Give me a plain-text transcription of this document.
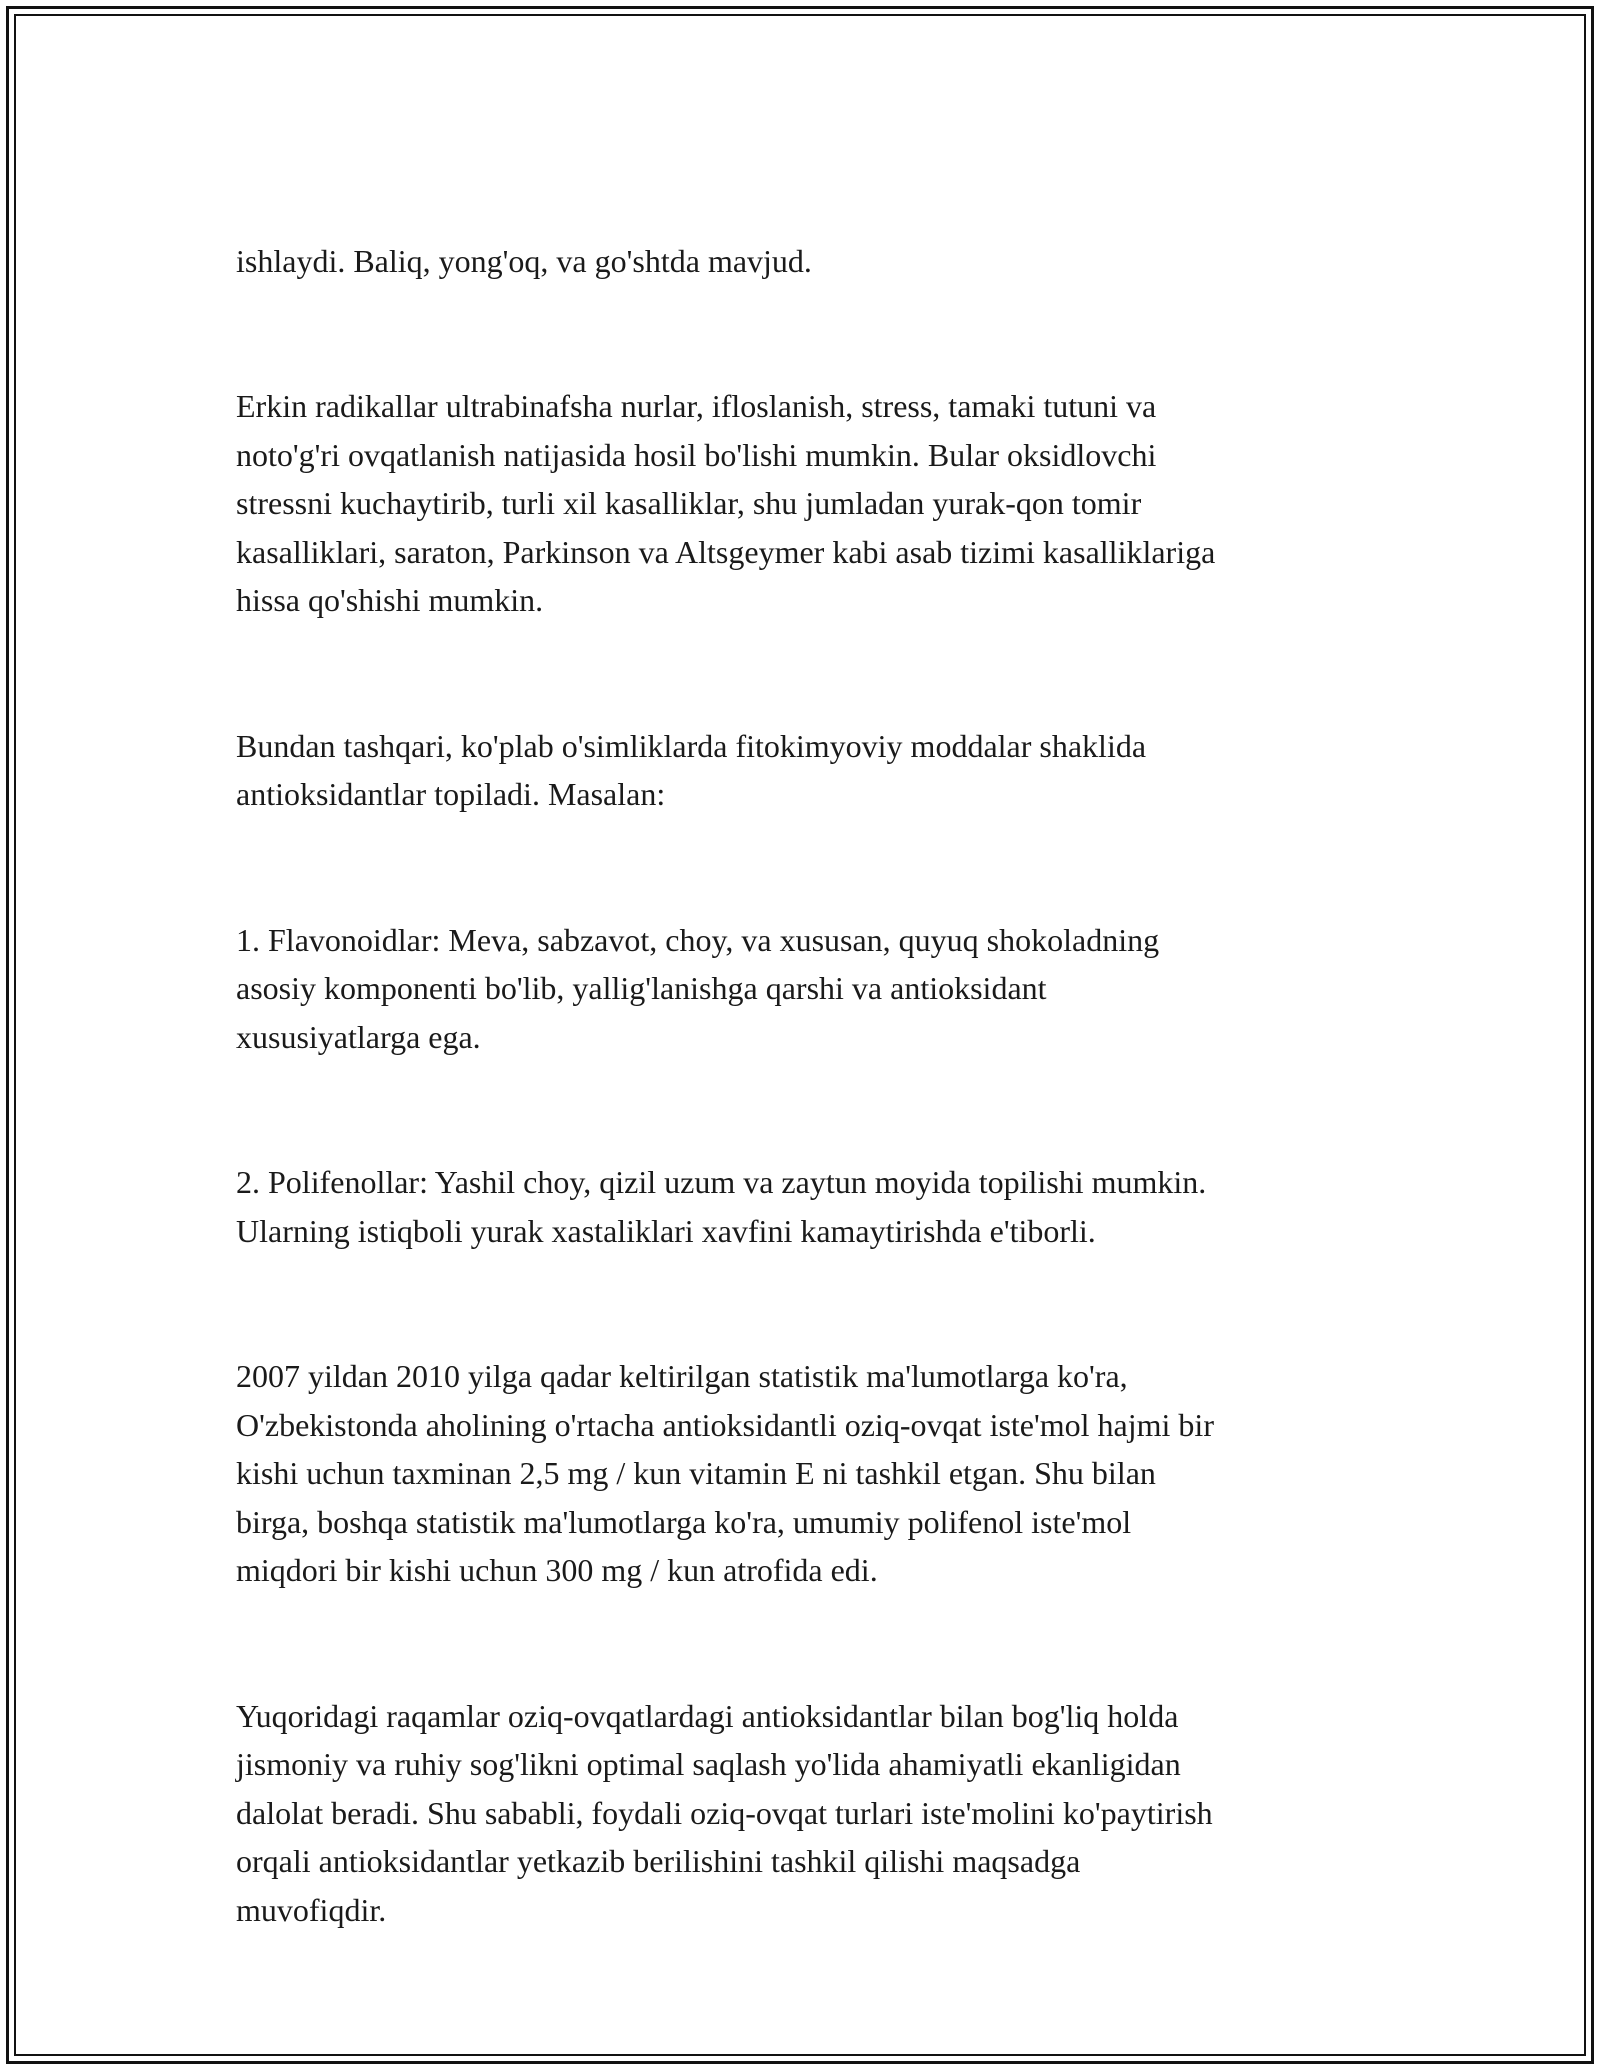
ishlaydi. Baliq, yong'oq, va go'shtda mavjud.

Erkin radikallar ultrabinafsha nurlar, ifloslanish, stress, tamaki tutuni va
noto'g'ri ovqatlanish natijasida hosil bo'lishi mumkin. Bular oksidlovchi
stressni kuchaytirib, turli xil kasalliklar, shu jumladan yurak-qon tomir
kasalliklari, saraton, Parkinson va Altsgeymer kabi asab tizimi kasalliklariga
hissa qo'shishi mumkin.

Bundan tashqari, ko'plab o'simliklarda fitokimyoviy moddalar shaklida
antioksidantlar topiladi. Masalan:

1. Flavonoidlar: Meva, sabzavot, choy, va xususan, quyuq shokoladning
asosiy komponenti bo'lib, yallig'lanishga qarshi va antioksidant
xususiyatlarga ega.

2. Polifenollar: Yashil choy, qizil uzum va zaytun moyida topilishi mumkin.
Ularning istiqboli yurak xastaliklari xavfini kamaytirishda e'tiborli.

2007 yildan 2010 yilga qadar keltirilgan statistik ma'lumotlarga ko'ra,
O'zbekistonda aholining o'rtacha antioksidantli oziq-ovqat iste'mol hajmi bir
kishi uchun taxminan 2,5 mg / kun vitamin E ni tashkil etgan. Shu bilan
birga, boshqa statistik ma'lumotlarga ko'ra, umumiy polifenol iste'mol
miqdori bir kishi uchun 300 mg / kun atrofida edi.

Yuqoridagi raqamlar oziq-ovqatlardagi antioksidantlar bilan bog'liq holda
jismoniy va ruhiy sog'likni optimal saqlash yo'lida ahamiyatli ekanligidan
dalolat beradi. Shu sababli, foydali oziq-ovqat turlari iste'molini ko'paytirish
orqali antioksidantlar yetkazib berilishini tashkil qilishi maqsadga
muvofiqdir.
